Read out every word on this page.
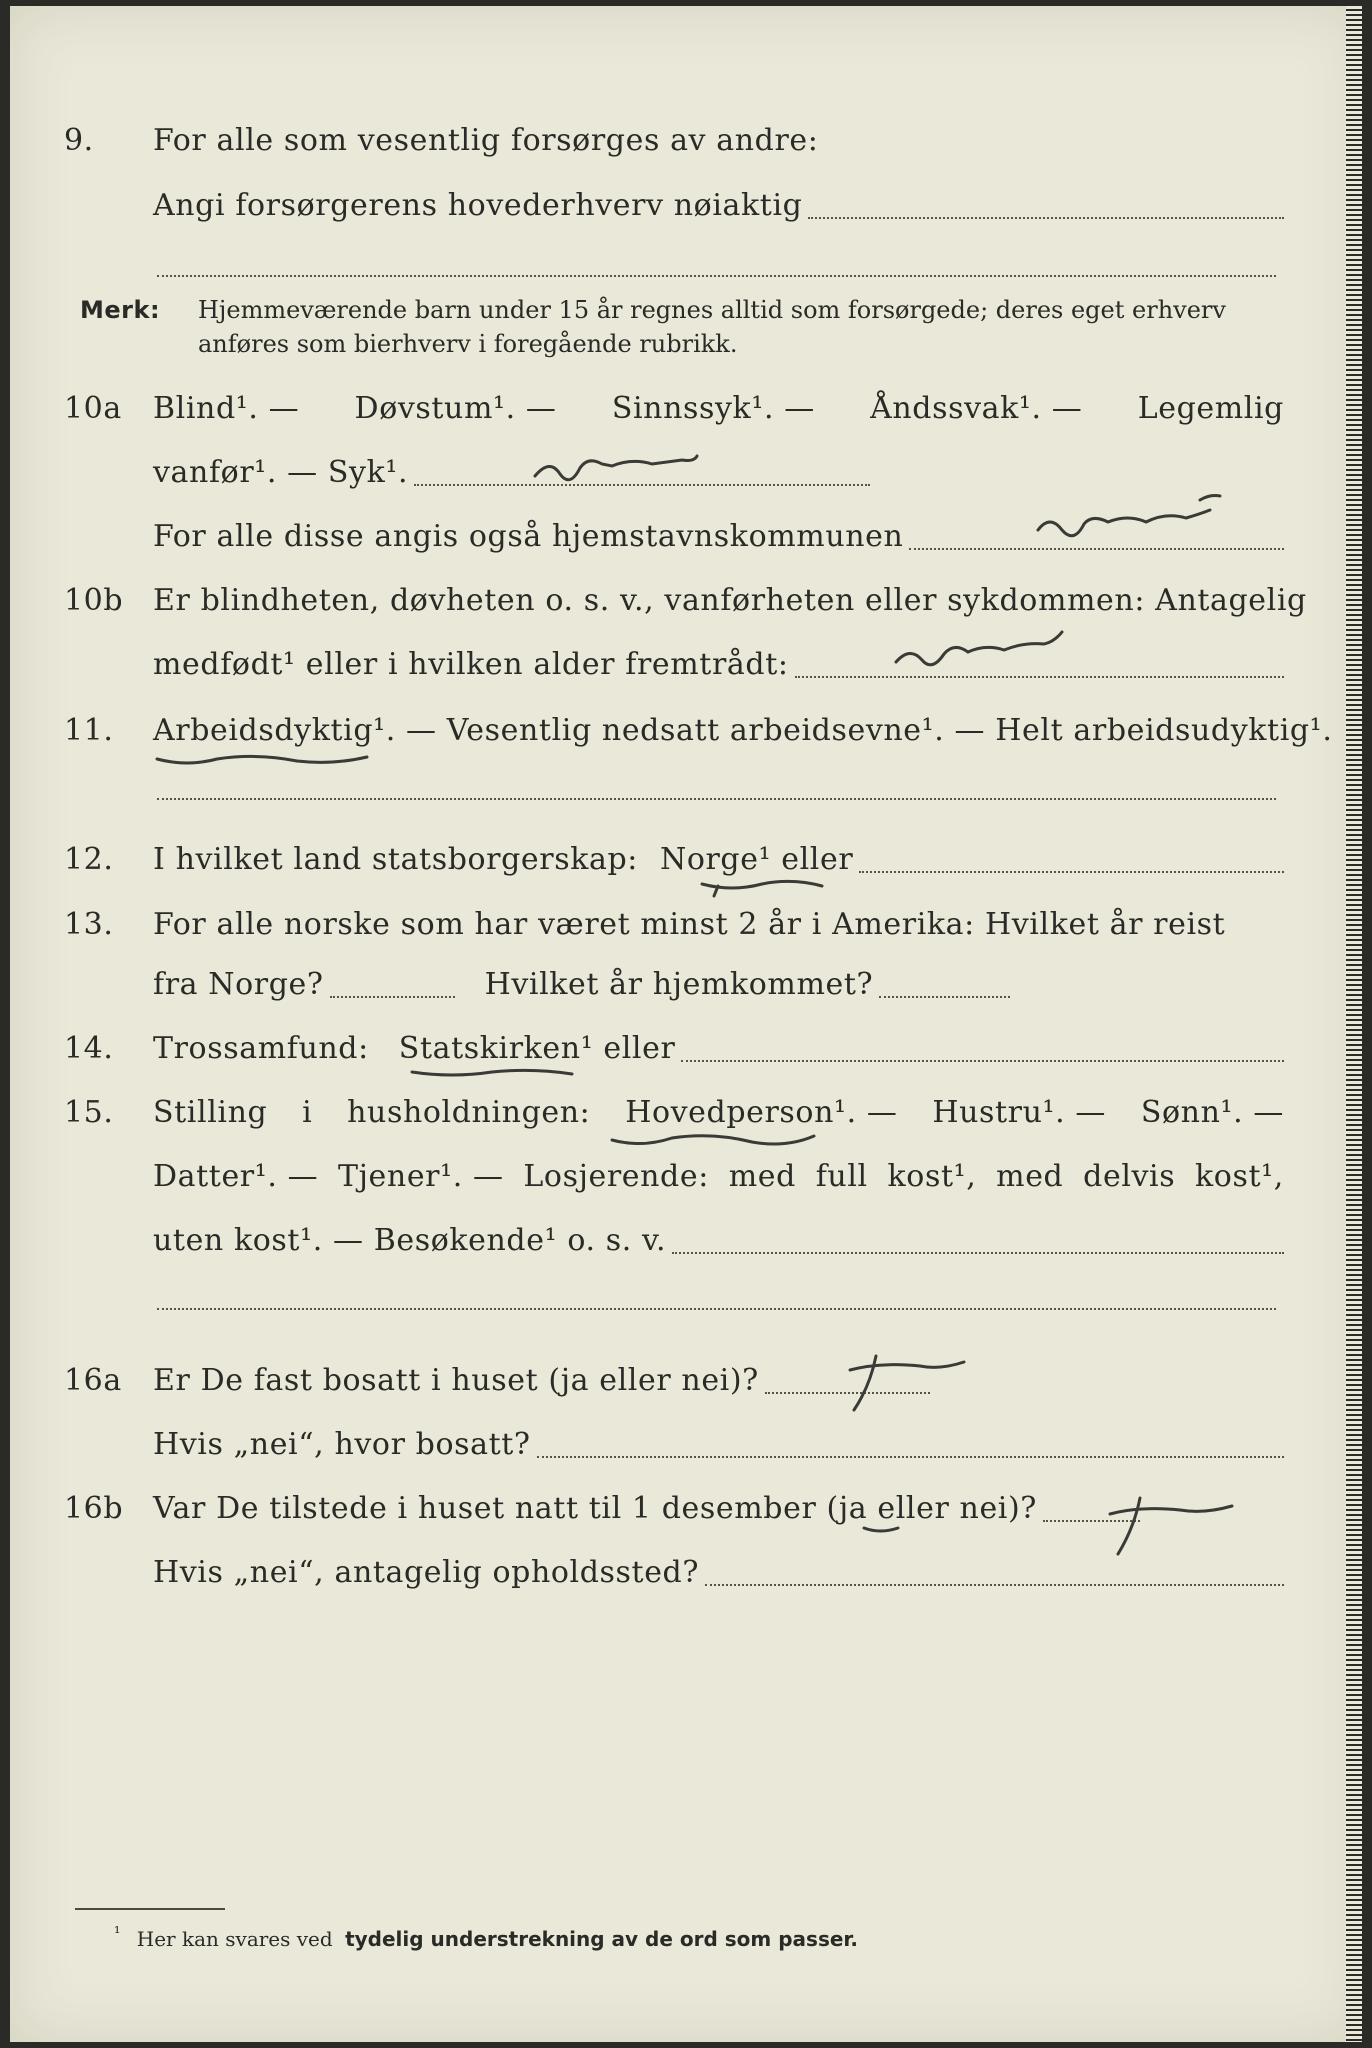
9. For alle som vesentlig forsørges av andre:
Angi forsørgerens hovederhverv nøiaktig
Merk: Hjemmeværende barn under 15 år regnes alltid som forsørgede; deres eget erhverv
anføres som bierhverv i foregående rubrikk.
10a Blind¹. — Døvstum¹. — Sinnssyk¹. — Åndssvak¹. — Legemlig
vanfør¹. — Syk¹.
For alle disse angis også hjemstavnskommunen
10b Er blindheten, døvheten o. s. v., vanførheten eller sykdommen: Antagelig
medfødt¹ eller i hvilken alder fremtrådt:
11. Arbeidsdyktig¹. — Vesentlig nedsatt arbeidsevne¹. — Helt arbeidsudyktig¹.
12. I hvilket land statsborgerskap: Norge¹ eller
13. For alle norske som har været minst 2 år i Amerika: Hvilket år reist
fra Norge?	Hvilket år hjemkommet?
14. Trossamfund: Statskirken¹ eller
15. Stilling i husholdningen: Hovedperson¹. — Hustru¹. — Sønn¹. —
Datter¹. — Tjener¹. — Losjerende: med full kost¹, med delvis kost¹,
uten kost¹. — Besøkende¹ o. s. v.
16a Er De fast bosatt i huset (ja eller nei)?
Hvis „nei“, hvor bosatt?
16b Var De tilstede i huset natt til 1 desember (ja eller nei)?
Hvis „nei“, antagelig opholdssted?
$^{^1}$ Her kan svares ved tydelig understrekning av de ord som passer.
